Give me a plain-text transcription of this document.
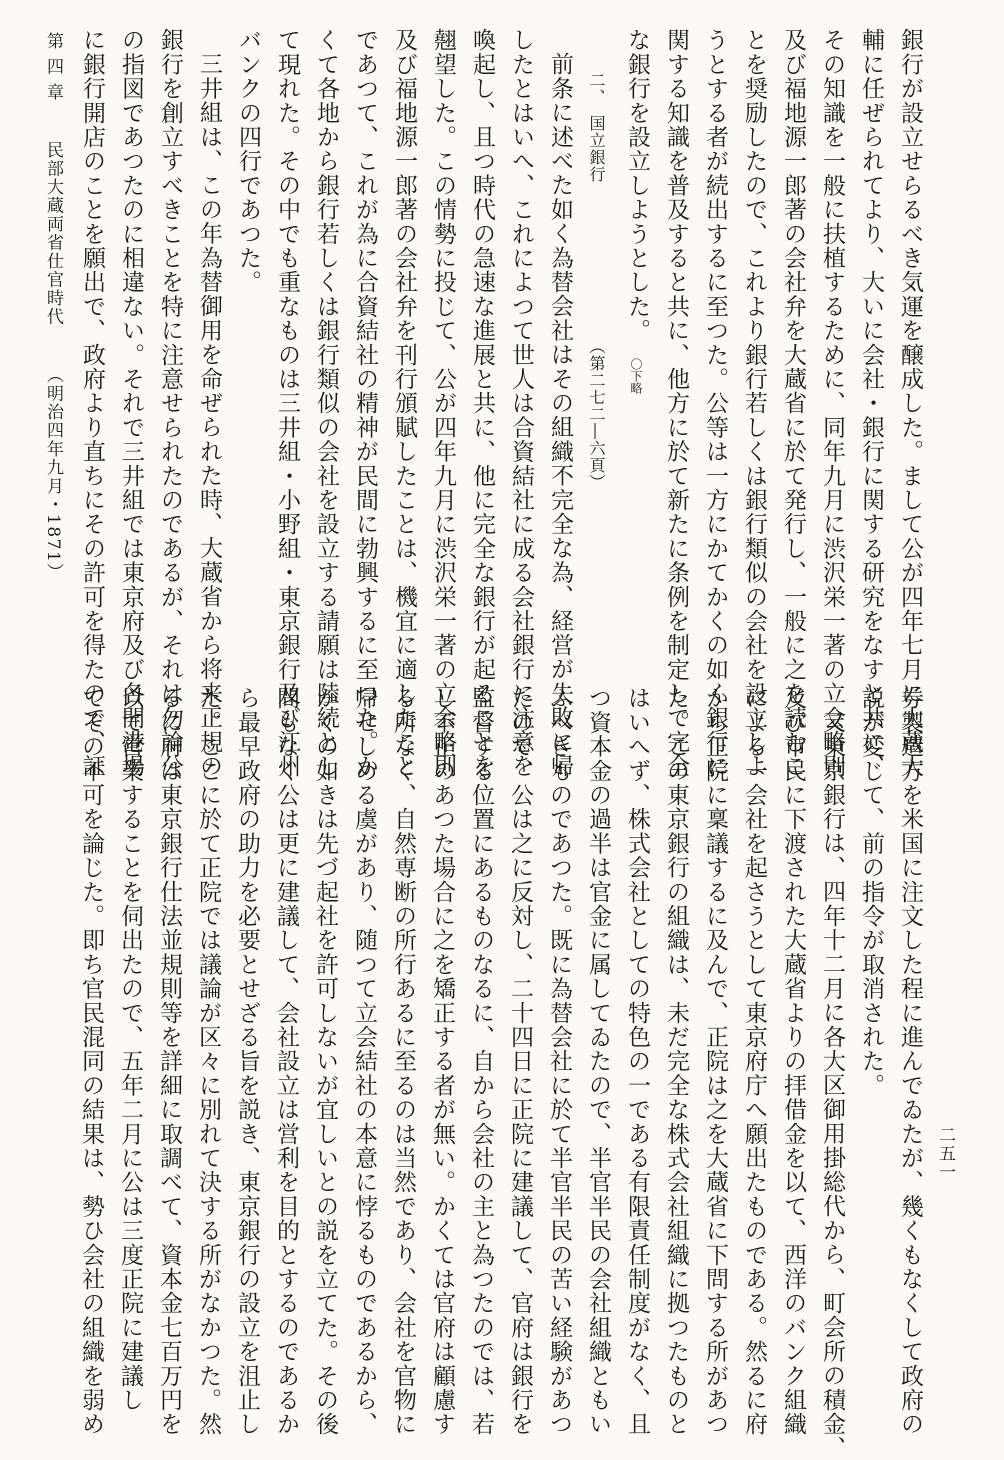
銀行が設立せらるべき気運を醸成した。まして公が四年七月に大蔵大
輔に任ぜられてより、大いに会社・銀行に関する研究をなすと共に、
その知識を一般に扶植するために、同年九月に渋沢栄一著の立会略則
及び福地源一郎著の会社弁を大蔵省に於て発行し、一般に之を読むこ
とを奨励したので、これより銀行若しくは銀行類似の会社を設立しよ
うとする者が続出するに至つた。公等は一方にかてかくの如く銀行に
関する知識を普及すると共に、他方に於て新たに条例を制定して完全
な銀行を設立しようとした。
〇下略
二、　国立銀行
（第二七二―六頁）
前条に述べた如く為替会社はその組織不完全な為、経営が失敗に帰
したとはいへ、これによつて世人は合資結社に成る会社銀行に注意を
喚起し、且つ時代の急速な進展と共に、他に完全な銀行が起ることを
翹望した。この情勢に投じて、公が四年九月に渋沢栄一著の立会略則
及び福地源一郎著の会社弁を刊行頒賦したことは、機宜に適したこと
であつて、これが為に合資結社の精神が民間に勃興するに至つた。か
くて各地から銀行若しくは銀行類似の会社を設立する請願は陸続とし
て現れた。その中でも重なものは三井組・小野組・東京銀行及び江州
バンクの四行であつた。
三井組は、この年為替御用を命ぜられた時、大蔵省から将来正規の
銀行を創立すべきことを特に注意せられたのであるが、それは勿論公
の指図であつたのに相違ない。それで三井組では東京府及び各開港場
に銀行開店のことを願出で、政府より直ちにその許可を得たので、証
第 四 章
民部大蔵両省仕官時代
（明治四年九月・1871）
券製造方を米国に注文した程に進んでゐたが、幾くもなくして政府の
説が変じて、前の指令が取消された。
又東京銀行は、四年十二月に各大区御用掛総代から、町会所の積金、
及び市民に下渡された大蔵省よりの拝借金を以て、西洋のバンク組織
による一会社を起さうとして東京府庁へ願出たものである。然るに府
から正院に稟議するに及んで、正院は之を大蔵省に下問する所があつ
た。この東京銀行の組織は、未だ完全な株式会社組織に拠つたものと
はいへず、株式会社としての特色の一である有限責任制度がなく、且
つ資本金の過半は官金に属してゐたので、半官半民の会社組織ともい
ふべきものであつた。既に為替会社に於て半官半民の苦い経験があつ
たので、公は之に反対し、二十四日に正院に建議して、官府は銀行を
監督する位置にあるものなるに、自から会社の主と為つたのでは、若
し不正のあつた場合に之を矯正する者が無い。かくては官府は顧慮す
る所なく、自然専断の所行あるに至るのは当然であり、会社を官物に
帰せしめる虞があり、随つて立会結社の本意に悖るものであるから、
かくの如きは先づ起社を許可しないが宜しいとの説を立てた。その後
間もなく公は更に建議して、会社設立は営利を目的とするのであるか
ら最早政府の助力を必要とせざる旨を説き、東京銀行の設立を沮止し
た。ここに於て正院では議論が区々に別れて決する所がなかつた。然
るに府は東京銀行仕法並規則等を詳細に取調べて、資本金七百万円を
以て営業することを伺出たので、五年二月に公は三度正院に建議し
てその不可を論じた。即ち官民混同の結果は、勢ひ会社の組織を弱め	二五一
